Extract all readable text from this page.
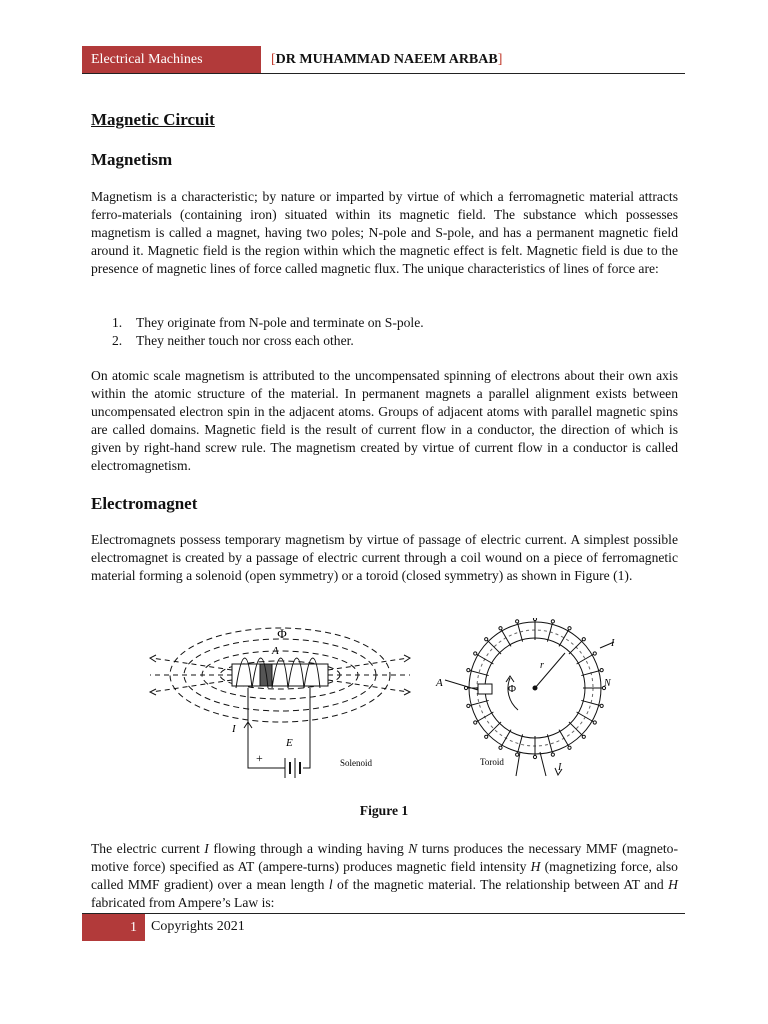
Electrical Machines	[DR MUHAMMAD NAEEM ARBAB]
Magnetic Circuit
Magnetism

Magnetism is a characteristic; by nature or imparted by virtue of which a ferromagnetic material attracts ferro-materials (containing iron) situated within its magnetic field. The substance which possesses magnetism is called a magnet, having two poles; N-pole and S-pole, and has a permanent magnetic field around it. Magnetic field is the region within which the magnetic effect is felt. Magnetic field is due to the presence of magnetic lines of force called magnetic flux. The unique characteristics of lines of force are:

1. They originate from N-pole and terminate on S-pole.
2. They neither touch nor cross each other.

On atomic scale magnetism is attributed to the uncompensated spinning of electrons about their own axis within the atomic structure of the material. In permanent magnets a parallel alignment exists between uncompensated electron spin in the adjacent atoms. Groups of adjacent atoms with parallel magnetic spins are called domains. Magnetic field is the result of current flow in a conductor, the direction of which is given by right-hand screw rule. The magnetism created by virtue of current flow in a conductor is called electromagnetism.

Electromagnet

Electromagnets possess temporary magnetism by virtue of passage of electric current. A simplest possible electromagnet is created by a passage of electric current through a coil wound on a piece of ferromagnetic material forming a solenoid (open symmetry) or a toroid (closed symmetry) as shown in Figure (1).

Φ
A
I
E
+	Solenoid
A	Φ
r
N
I
Toroid	I
Figure 1

The electric current I flowing through a winding having N turns produces the necessary MMF (magneto-motive force) specified as AT (ampere-turns) produces magnetic field intensity H (magnetizing force, also called MMF gradient) over a mean length l of the magnetic material. The relationship between AT and H fabricated from Ampere’s Law is:

1	Copyrights 2021
